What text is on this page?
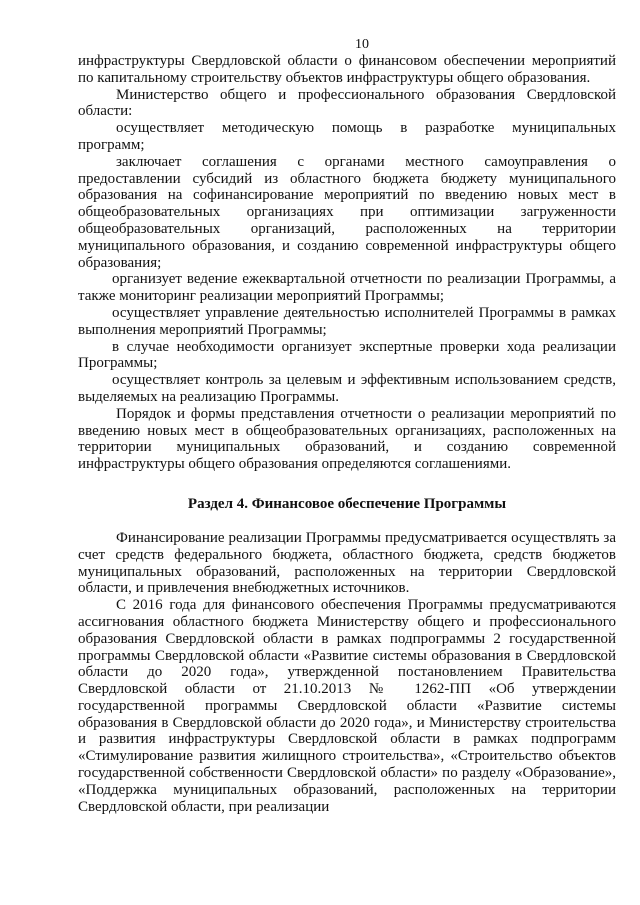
10

инфраструктуры Свердловской области о финансовом обеспечении мероприятий по капитальному строительству объектов инфраструктуры общего образования.

Министерство общего и профессионального образования Свердловской области:

осуществляет методическую помощь в разработке муниципальных программ;

заключает соглашения с органами местного самоуправления о предоставлении субсидий из областного бюджета бюджету муниципального образования на софинансирование мероприятий по введению новых мест в общеобразовательных организациях при оптимизации загруженности общеобразовательных организаций, расположенных на территории муниципального образования, и созданию современной инфраструктуры общего образования;

организует ведение ежеквартальной отчетности по реализации Программы, а также мониторинг реализации мероприятий Программы;

осуществляет управление деятельностью исполнителей Программы в рамках выполнения мероприятий Программы;

в случае необходимости организует экспертные проверки хода реализации Программы;

осуществляет контроль за целевым и эффективным использованием средств, выделяемых на реализацию Программы.

Порядок и формы представления отчетности о реализации мероприятий по введению новых мест в общеобразовательных организациях, расположенных на территории муниципальных образований, и созданию современной инфраструктуры общего образования определяются соглашениями.

Раздел 4. Финансовое обеспечение Программы

Финансирование реализации Программы предусматривается осуществлять за счет средств федерального бюджета, областного бюджета, средств бюджетов муниципальных образований, расположенных на территории Свердловской области, и привлечения внебюджетных источников.

С 2016 года для финансового обеспечения Программы предусматриваются ассигнования областного бюджета Министерству общего и профессионального образования Свердловской области в рамках подпрограммы 2 государственной программы Свердловской области «Развитие системы образования в Свердловской области до 2020 года», утвержденной постановлением Правительства Свердловской области от 21.10.2013 № 1262-ПП «Об утверждении государственной программы Свердловской области «Развитие системы образования в Свердловской области до 2020 года», и Министерству строительства и развития инфраструктуры Свердловской области в рамках подпрограмм «Стимулирование развития жилищного строительства», «Строительство объектов государственной собственности Свердловской области» по разделу «Образование», «Поддержка муниципальных образований, расположенных на территории Свердловской области, при реализации
